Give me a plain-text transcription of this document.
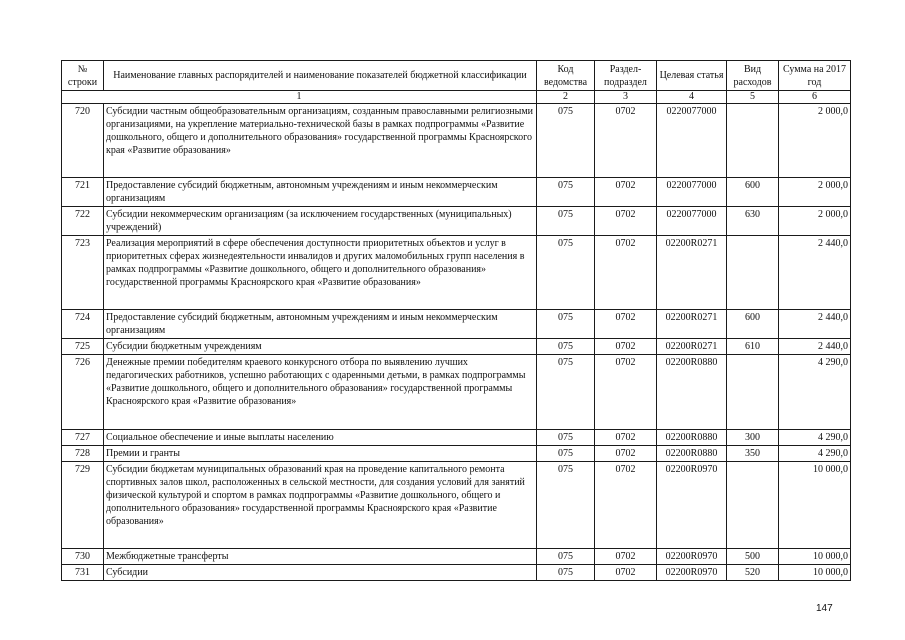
№ строки	Наименование главных распорядителей и наименование показателей бюджетной классификации	Код ведомства	Раздел-подраздел	Целевая статья	Вид расходов	Сумма на 2017 год
1		2	3	4	5	6
720	Субсидии частным общеобразовательным организациям, созданным православными религиозными организациями, на укрепление материально-технической базы в рамках подпрограммы «Развитие дошкольного, общего и дополнительного образования» государственной программы Красноярского края «Развитие образования»	075	0702	0220077000		2 000,0
721	Предоставление субсидий бюджетным, автономным учреждениям и иным некоммерческим организациям	075	0702	0220077000	600	2 000,0
722	Субсидии некоммерческим организациям (за исключением государственных (муниципальных) учреждений)	075	0702	0220077000	630	2 000,0
723	Реализация мероприятий в сфере обеспечения доступности приоритетных объектов и услуг в приоритетных сферах жизнедеятельности инвалидов и других маломобильных групп населения в рамках подпрограммы «Развитие дошкольного, общего и дополнительного образования» государственной программы Красноярского края «Развитие образования»	075	0702	02200R0271		2 440,0
724	Предоставление субсидий бюджетным, автономным учреждениям и иным некоммерческим организациям	075	0702	02200R0271	600	2 440,0
725	Субсидии бюджетным учреждениям	075	0702	02200R0271	610	2 440,0
726	Денежные премии победителям краевого конкурсного отбора по выявлению лучших педагогических работников, успешно работающих с одаренными детьми, в рамках подпрограммы «Развитие дошкольного, общего и дополнительного образования» государственной программы Красноярского края «Развитие образования»	075	0702	02200R0880		4 290,0
727	Социальное обеспечение и иные выплаты населению	075	0702	02200R0880	300	4 290,0
728	Премии и гранты	075	0702	02200R0880	350	4 290,0
729	Субсидии бюджетам муниципальных образований края на проведение капитального ремонта спортивных залов школ, расположенных в сельской местности, для создания условий для занятий физической культурой и спортом в рамках подпрограммы «Развитие дошкольного, общего и дополнительного образования» государственной программы Красноярского края «Развитие образования»	075	0702	02200R0970		10 000,0
730	Межбюджетные трансферты	075	0702	02200R0970	500	10 000,0
731	Субсидии	075	0702	02200R0970	520	10 000,0
147
